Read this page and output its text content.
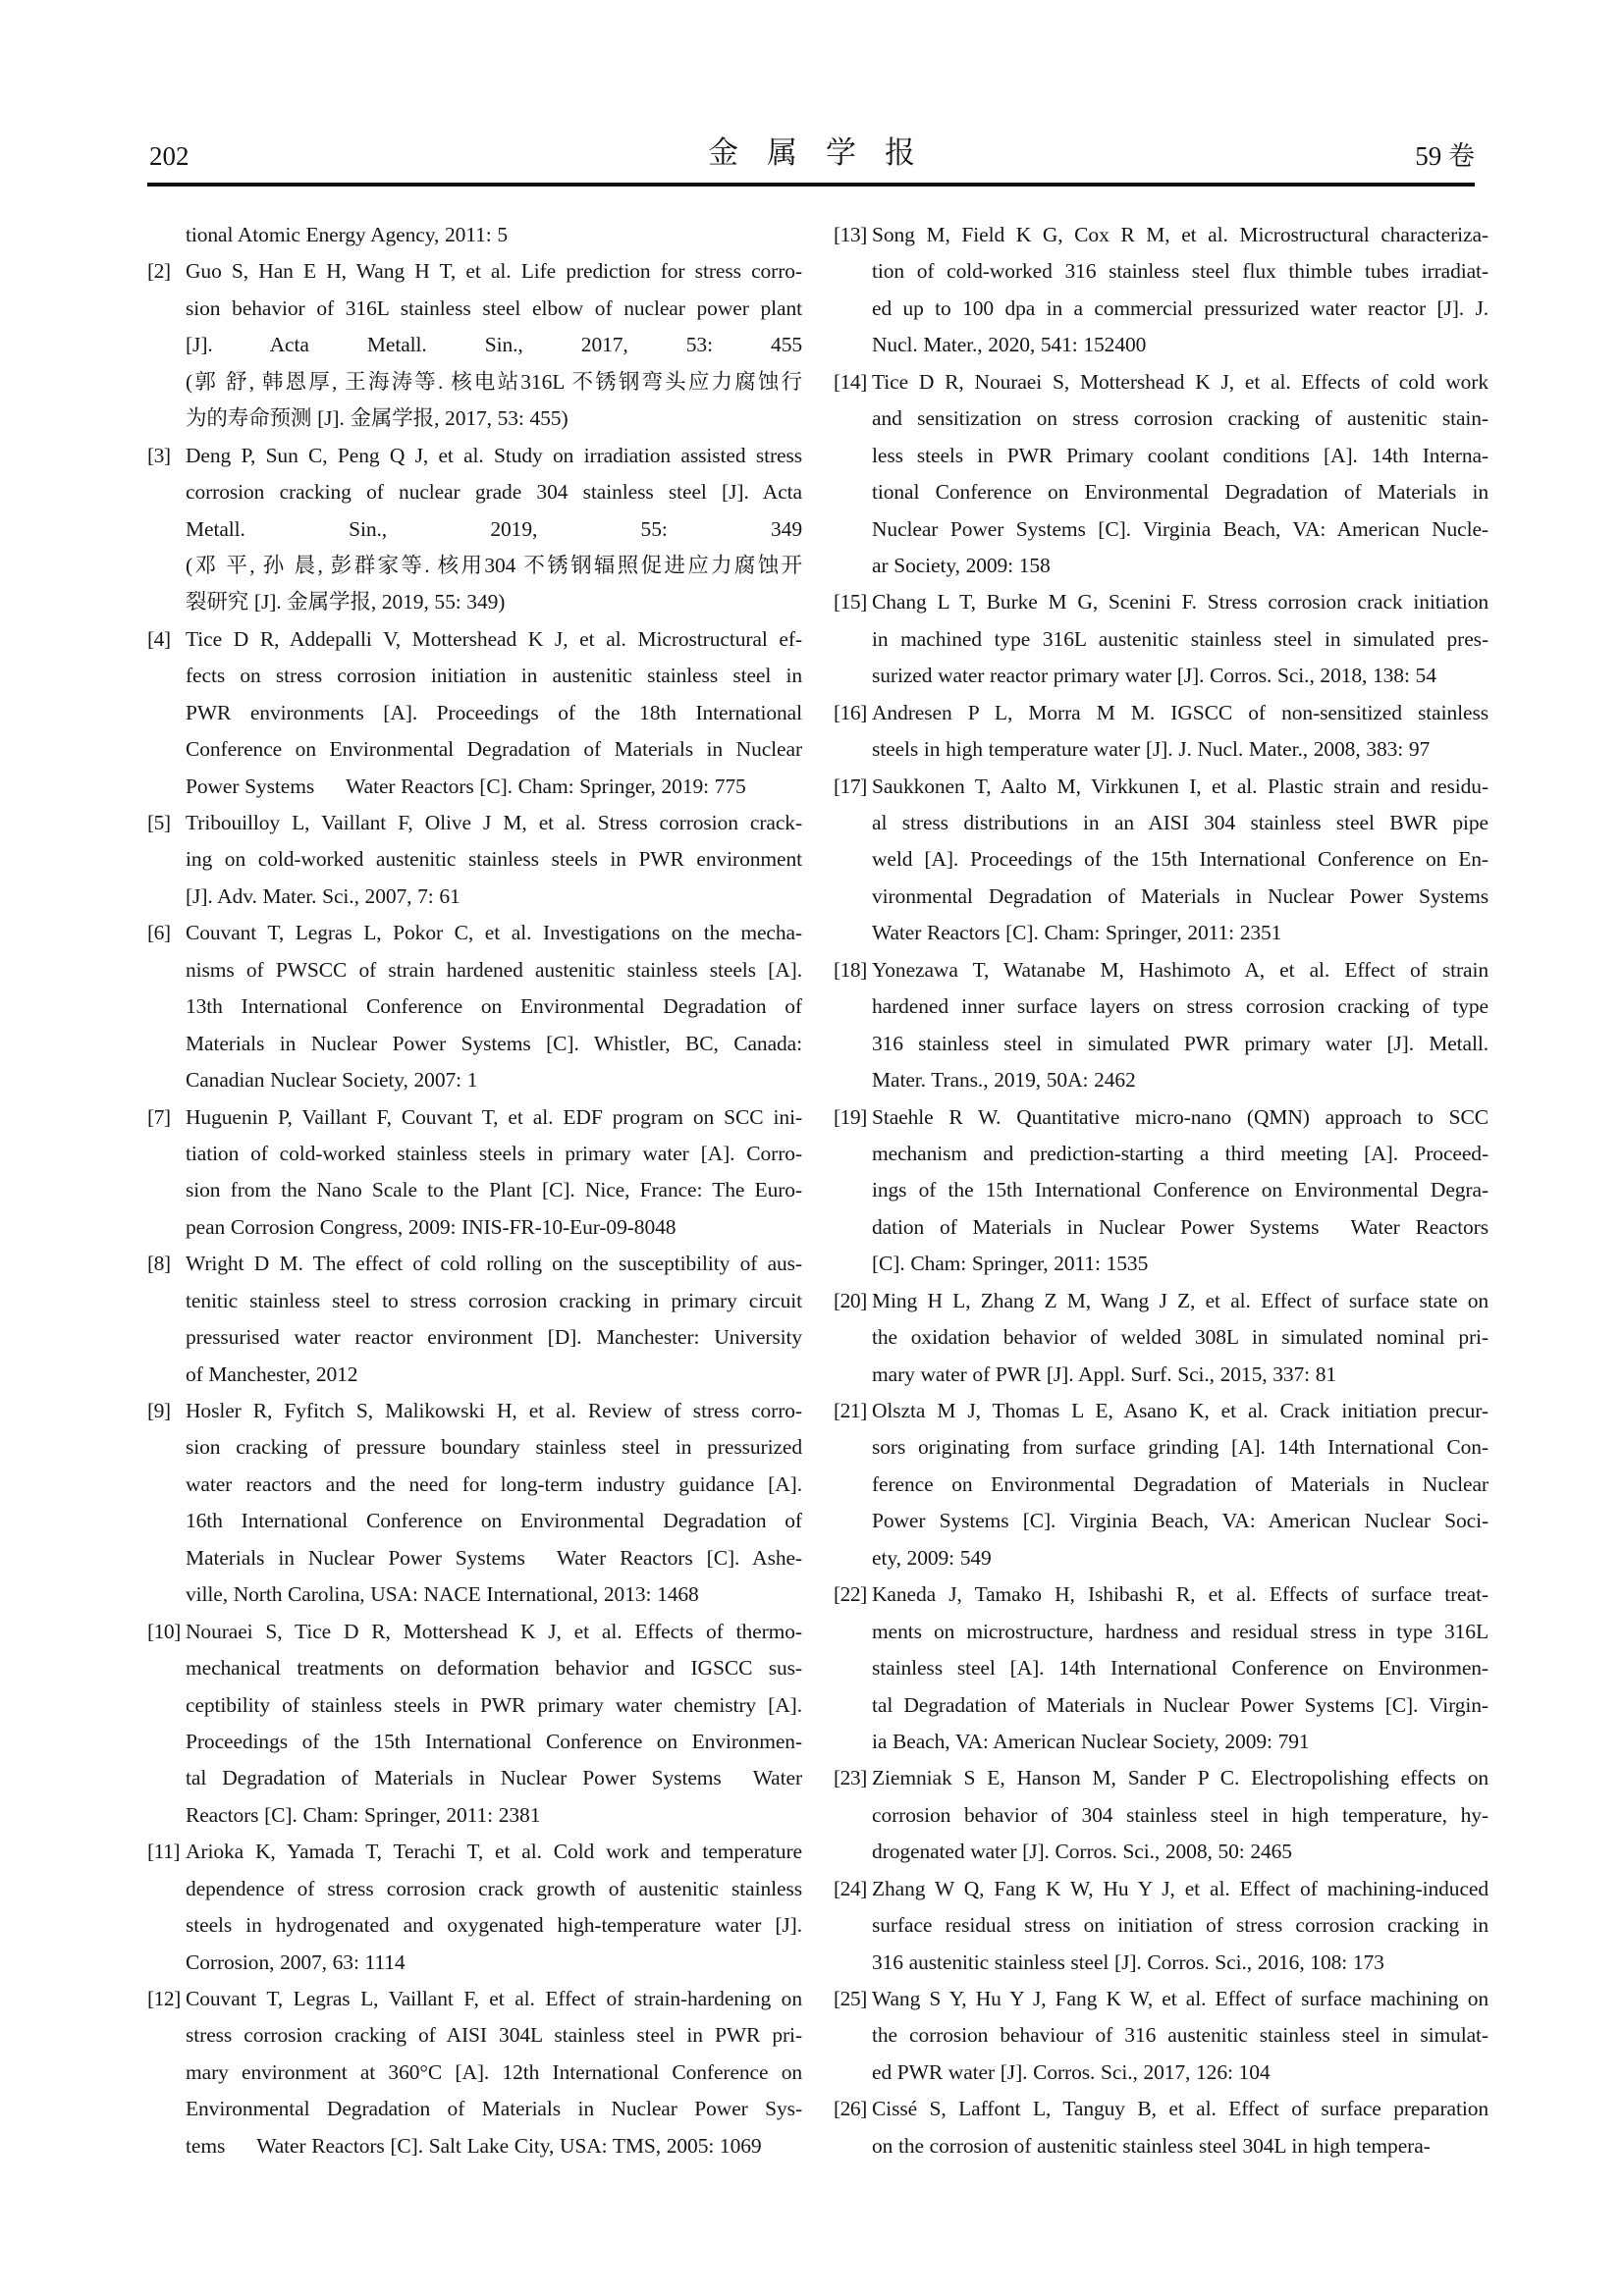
202	金 属 学 报	59 卷
tional Atomic Energy Agency, 2011: 5
[2] Guo S, Han E H, Wang H T, et al. Life prediction for stress corro-
sion behavior of 316L stainless steel elbow of nuclear power plant
[J]. Acta Metall. Sin., 2017, 53: 455
(郭 舒, 韩恩厚, 王海涛等. 核电站316L 不锈钢弯头应力腐蚀行
为的寿命预测 [J]. 金属学报, 2017, 53: 455)
[3] Deng P, Sun C, Peng Q J, et al. Study on irradiation assisted stress
corrosion cracking of nuclear grade 304 stainless steel [J]. Acta
Metall. Sin., 2019, 55: 349
(邓 平, 孙 晨, 彭群家等. 核用304 不锈钢辐照促进应力腐蚀开
裂研究 [J]. 金属学报, 2019, 55: 349)
[4] Tice D R, Addepalli V, Mottershead K J, et al. Microstructural ef-
fects on stress corrosion initiation in austenitic stainless steel in
PWR environments [A]. Proceedings of the 18th International
Conference on Environmental Degradation of Materials in Nuclear
Power Systems  Water Reactors [C]. Cham: Springer, 2019: 775
[5] Tribouilloy L, Vaillant F, Olive J M, et al. Stress corrosion crack-
ing on cold-worked austenitic stainless steels in PWR environment
[J]. Adv. Mater. Sci., 2007, 7: 61
[6] Couvant T, Legras L, Pokor C, et al. Investigations on the mecha-
nisms of PWSCC of strain hardened austenitic stainless steels [A].
13th International Conference on Environmental Degradation of
Materials in Nuclear Power Systems [C]. Whistler, BC, Canada:
Canadian Nuclear Society, 2007: 1
[7] Huguenin P, Vaillant F, Couvant T, et al. EDF program on SCC ini-
tiation of cold-worked stainless steels in primary water [A]. Corro-
sion from the Nano Scale to the Plant [C]. Nice, France: The Euro-
pean Corrosion Congress, 2009: INIS-FR-10-Eur-09-8048
[8] Wright D M. The effect of cold rolling on the susceptibility of aus-
tenitic stainless steel to stress corrosion cracking in primary circuit
pressurised water reactor environment [D]. Manchester: University
of Manchester, 2012
[9] Hosler R, Fyfitch S, Malikowski H, et al. Review of stress corro-
sion cracking of pressure boundary stainless steel in pressurized
water reactors and the need for long-term industry guidance [A].
16th International Conference on Environmental Degradation of
Materials in Nuclear Power Systems  Water Reactors [C]. Ashe-
ville, North Carolina, USA: NACE International, 2013: 1468
[10] Nouraei S, Tice D R, Mottershead K J, et al. Effects of thermo-
mechanical treatments on deformation behavior and IGSCC sus-
ceptibility of stainless steels in PWR primary water chemistry [A].
Proceedings of the 15th International Conference on Environmen-
tal Degradation of Materials in Nuclear Power Systems  Water
Reactors [C]. Cham: Springer, 2011: 2381
[11] Arioka K, Yamada T, Terachi T, et al. Cold work and temperature
dependence of stress corrosion crack growth of austenitic stainless
steels in hydrogenated and oxygenated high-temperature water [J].
Corrosion, 2007, 63: 1114
[12] Couvant T, Legras L, Vaillant F, et al. Effect of strain-hardening on
stress corrosion cracking of AISI 304L stainless steel in PWR pri-
mary environment at 360°C [A]. 12th International Conference on
Environmental Degradation of Materials in Nuclear Power Sys-
tems  Water Reactors [C]. Salt Lake City, USA: TMS, 2005: 1069
[13] Song M, Field K G, Cox R M, et al. Microstructural characteriza-
tion of cold-worked 316 stainless steel flux thimble tubes irradiat-
ed up to 100 dpa in a commercial pressurized water reactor [J]. J.
Nucl. Mater., 2020, 541: 152400
[14] Tice D R, Nouraei S, Mottershead K J, et al. Effects of cold work
and sensitization on stress corrosion cracking of austenitic stain-
less steels in PWR Primary coolant conditions [A]. 14th Interna-
tional Conference on Environmental Degradation of Materials in
Nuclear Power Systems [C]. Virginia Beach, VA: American Nucle-
ar Society, 2009: 158
[15] Chang L T, Burke M G, Scenini F. Stress corrosion crack initiation
in machined type 316L austenitic stainless steel in simulated pres-
surized water reactor primary water [J]. Corros. Sci., 2018, 138: 54
[16] Andresen P L, Morra M M. IGSCC of non-sensitized stainless
steels in high temperature water [J]. J. Nucl. Mater., 2008, 383: 97
[17] Saukkonen T, Aalto M, Virkkunen I, et al. Plastic strain and residu-
al stress distributions in an AISI 304 stainless steel BWR pipe
weld [A]. Proceedings of the 15th International Conference on En-
vironmental Degradation of Materials in Nuclear Power Systems
Water Reactors [C]. Cham: Springer, 2011: 2351
[18] Yonezawa T, Watanabe M, Hashimoto A, et al. Effect of strain
hardened inner surface layers on stress corrosion cracking of type
316 stainless steel in simulated PWR primary water [J]. Metall.
Mater. Trans., 2019, 50A: 2462
[19] Staehle R W. Quantitative micro-nano (QMN) approach to SCC
mechanism and prediction-starting a third meeting [A]. Proceed-
ings of the 15th International Conference on Environmental Degra-
dation of Materials in Nuclear Power Systems  Water Reactors
[C]. Cham: Springer, 2011: 1535
[20] Ming H L, Zhang Z M, Wang J Z, et al. Effect of surface state on
the oxidation behavior of welded 308L in simulated nominal pri-
mary water of PWR [J]. Appl. Surf. Sci., 2015, 337: 81
[21] Olszta M J, Thomas L E, Asano K, et al. Crack initiation precur-
sors originating from surface grinding [A]. 14th International Con-
ference on Environmental Degradation of Materials in Nuclear
Power Systems [C]. Virginia Beach, VA: American Nuclear Soci-
ety, 2009: 549
[22] Kaneda J, Tamako H, Ishibashi R, et al. Effects of surface treat-
ments on microstructure, hardness and residual stress in type 316L
stainless steel [A]. 14th International Conference on Environmen-
tal Degradation of Materials in Nuclear Power Systems [C]. Virgin-
ia Beach, VA: American Nuclear Society, 2009: 791
[23] Ziemniak S E, Hanson M, Sander P C. Electropolishing effects on
corrosion behavior of 304 stainless steel in high temperature, hy-
drogenated water [J]. Corros. Sci., 2008, 50: 2465
[24] Zhang W Q, Fang K W, Hu Y J, et al. Effect of machining-induced
surface residual stress on initiation of stress corrosion cracking in
316 austenitic stainless steel [J]. Corros. Sci., 2016, 108: 173
[25] Wang S Y, Hu Y J, Fang K W, et al. Effect of surface machining on
the corrosion behaviour of 316 austenitic stainless steel in simulat-
ed PWR water [J]. Corros. Sci., 2017, 126: 104
[26] Cissé S, Laffont L, Tanguy B, et al. Effect of surface preparation
on the corrosion of austenitic stainless steel 304L in high tempera-
